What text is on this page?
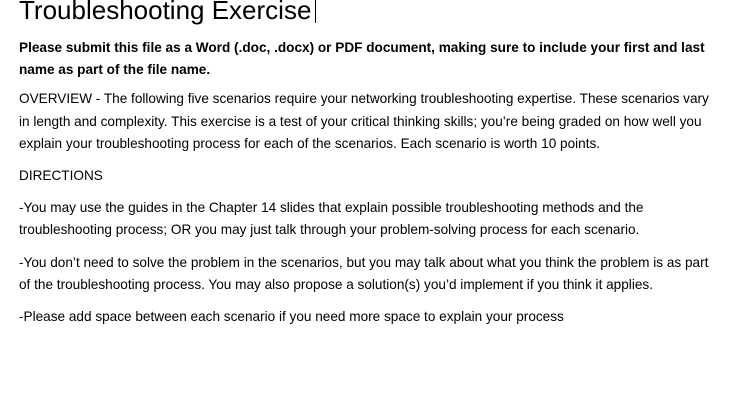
Troubleshooting Exercise

Please submit this file as a Word (.doc, .docx) or PDF document, making sure to include your first and last name as part of the file name.

OVERVIEW - The following five scenarios require your networking troubleshooting expertise. These scenarios vary in length and complexity. This exercise is a test of your critical thinking skills; you’re being graded on how well you explain your troubleshooting process for each of the scenarios. Each scenario is worth 10 points.

DIRECTIONS

-You may use the guides in the Chapter 14 slides that explain possible troubleshooting methods and the troubleshooting process; OR you may just talk through your problem-solving process for each scenario.

-You don’t need to solve the problem in the scenarios, but you may talk about what you think the problem is as part of the troubleshooting process. You may also propose a solution(s) you’d implement if you think it applies.

-Please add space between each scenario if you need more space to explain your process
